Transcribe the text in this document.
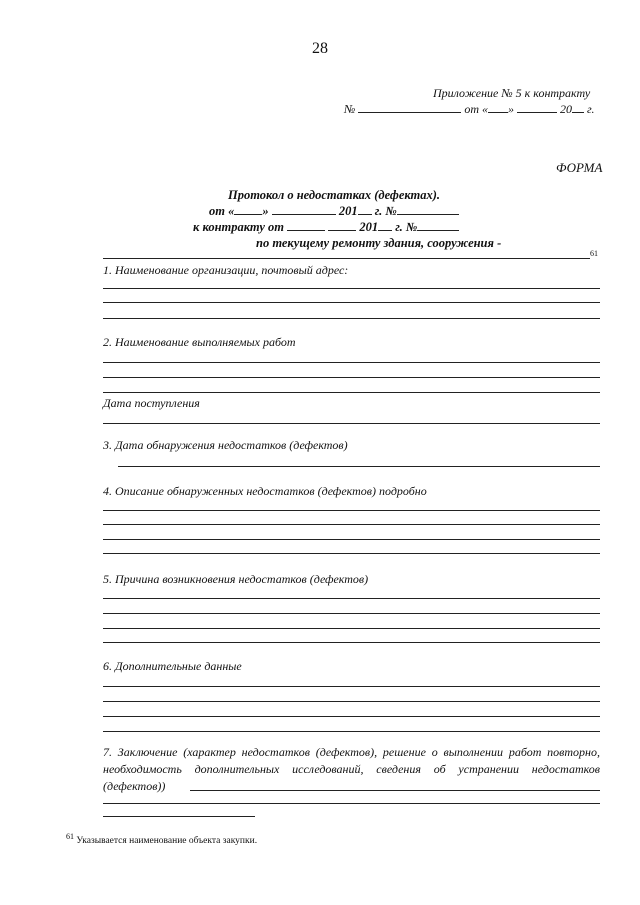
28
Приложение № 5 к контракту
№	от « »	20 г.
ФОРМА
Протокол о недостатках (дефектах).
от « »	201 г. №
к контракту от	201 г. №
по текущему ремонту здания, сооружения -
61
1. Наименование организации, почтовый адрес:
2. Наименование выполняемых работ
Дата поступления
3. Дата обнаружения недостатков (дефектов)
4. Описание обнаруженных недостатков (дефектов) подробно
5. Причина возникновения недостатков (дефектов)
6. Дополнительные данные
7. Заключение (характер недостатков (дефектов), решение о выполнении работ повторно, необходимость дополнительных исследований, сведения об устранении недостатков (дефектов))
$^{61}$ Указывается наименование объекта закупки.
